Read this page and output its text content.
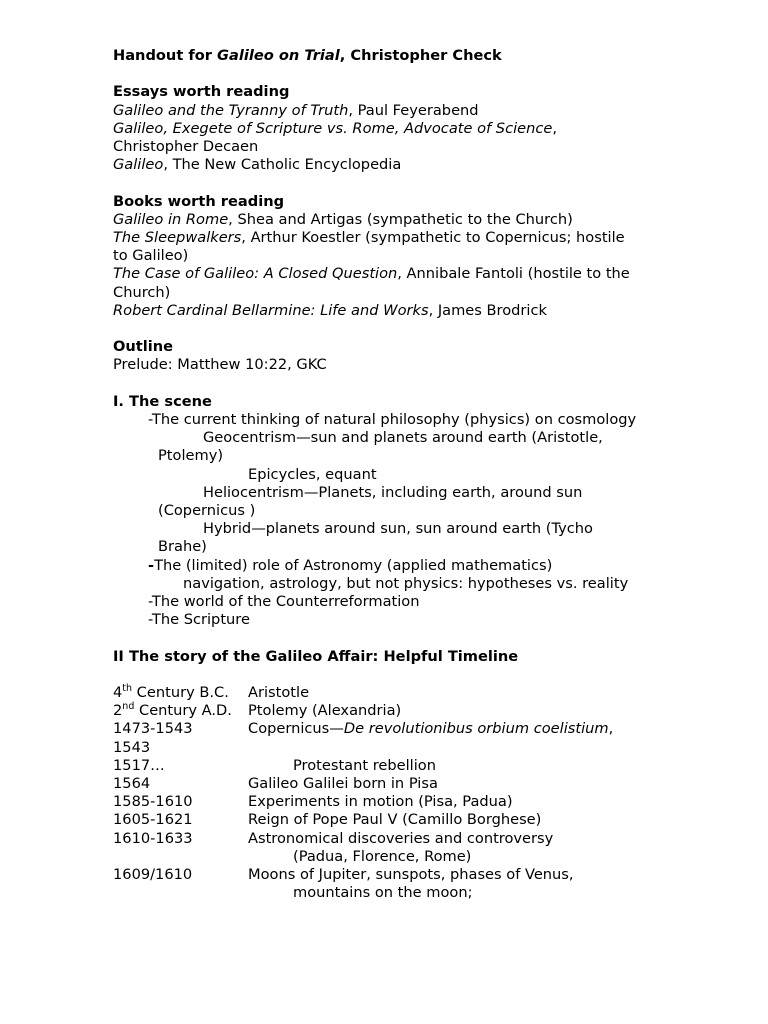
Handout for Galileo on Trial, Christopher Check
Essays worth reading
Galileo and the Tyranny of Truth, Paul Feyerabend
Galileo, Exegete of Scripture vs. Rome, Advocate of Science,
Christopher Decaen
Galileo, The New Catholic Encyclopedia
Books worth reading
Galileo in Rome, Shea and Artigas (sympathetic to the Church)
The Sleepwalkers, Arthur Koestler (sympathetic to Copernicus; hostile
to Galileo)
The Case of Galileo: A Closed Question, Annibale Fantoli (hostile to the
Church)
Robert Cardinal Bellarmine: Life and Works, James Brodrick
Outline
Prelude: Matthew 10:22, GKC
I. The scene
-The current thinking of natural philosophy (physics) on cosmology
Geocentrism—sun and planets around earth (Aristotle,
Ptolemy)
Epicycles, equant
Heliocentrism—Planets, including earth, around sun
(Copernicus )
Hybrid—planets around sun, sun around earth (Tycho
Brahe)
-The (limited) role of Astronomy (applied mathematics)
navigation, astrology, but not physics: hypotheses vs. reality
-The world of the Counterreformation
-The Scripture
II The story of the Galileo Affair: Helpful Timeline
4th Century B.C.	Aristotle
2nd Century A.D.	Ptolemy (Alexandria)
1473-1543	Copernicus—De revolutionibus orbium coelistium,
1543
1517…	Protestant rebellion
1564	Galileo Galilei born in Pisa
1585-1610	Experiments in motion (Pisa, Padua)
1605-1621	Reign of Pope Paul V (Camillo Borghese)
1610-1633	Astronomical discoveries and controversy
(Padua, Florence, Rome)
1609/1610	Moons of Jupiter, sunspots, phases of Venus,
mountains on the moon;
